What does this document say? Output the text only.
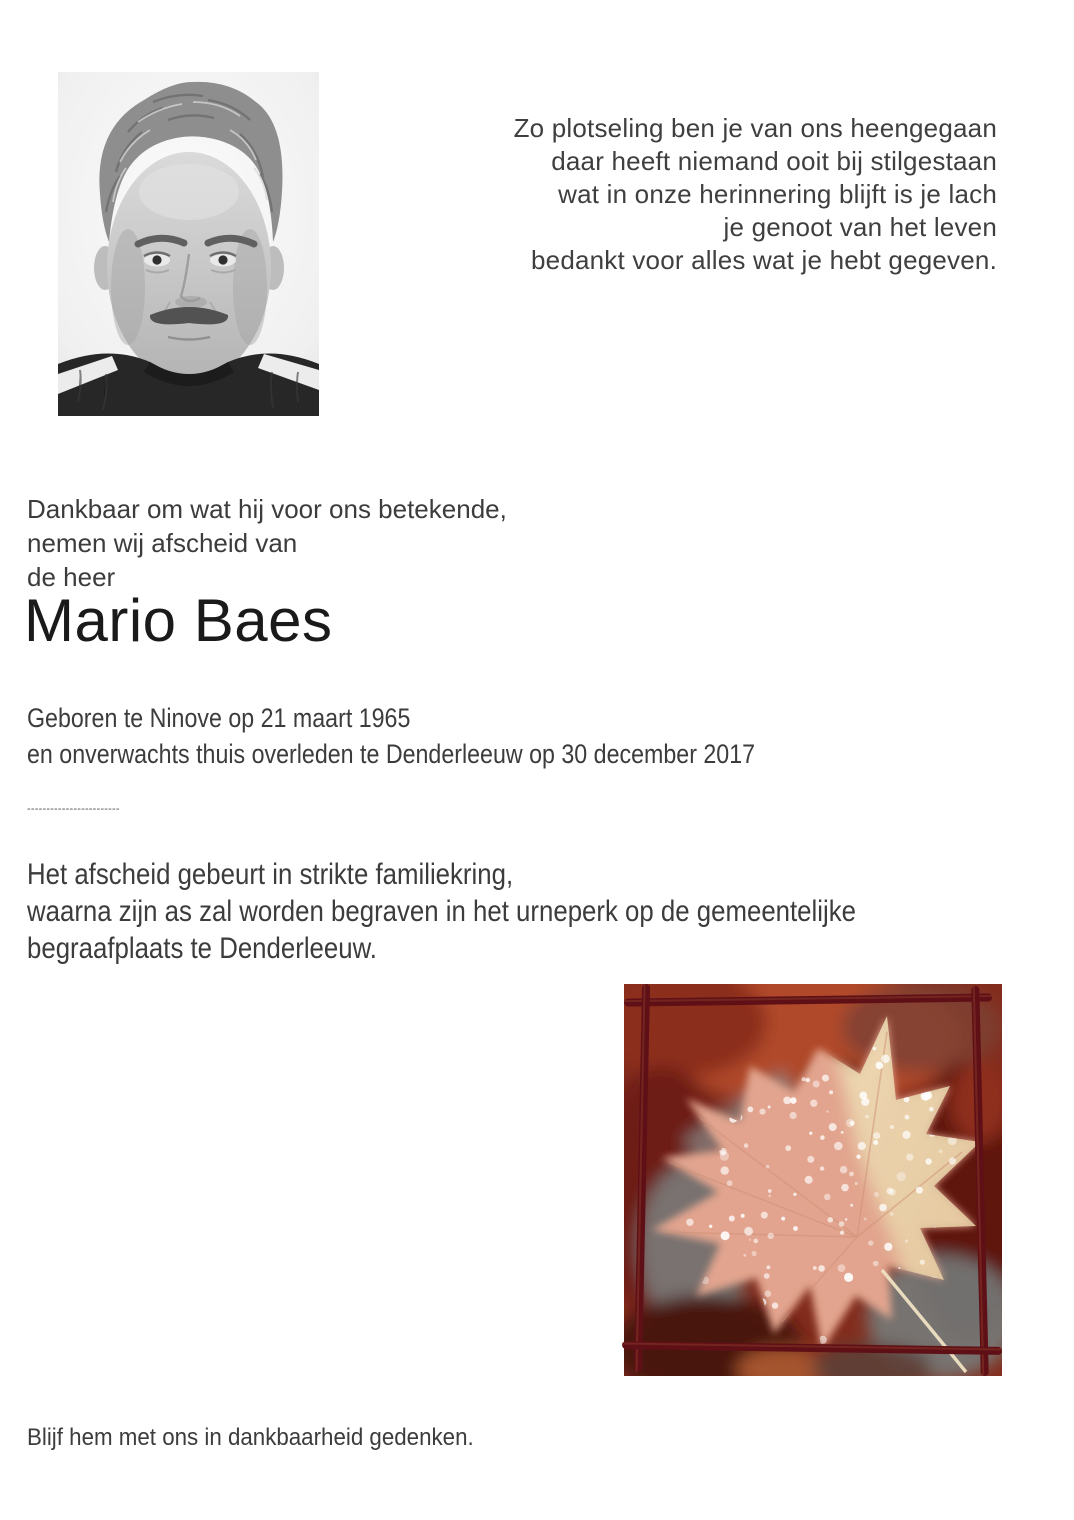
Zo plotseling ben je van ons heengegaan
daar heeft niemand ooit bij stilgestaan
wat in onze herinnering blijft is je lach
je genoot van het leven
bedankt voor alles wat je hebt gegeven.
Dankbaar om wat hij voor ons betekende,
nemen wij afscheid van
de heer
Mario Baes
Geboren te Ninove op 21 maart 1965
en onverwachts thuis overleden te Denderleeuw op 30 december 2017
------------------------
Het afscheid gebeurt in strikte familiekring,
waarna zijn as zal worden begraven in het urneperk op de gemeentelijke
begraafplaats te Denderleeuw.
Blijf hem met ons in dankbaarheid gedenken.
